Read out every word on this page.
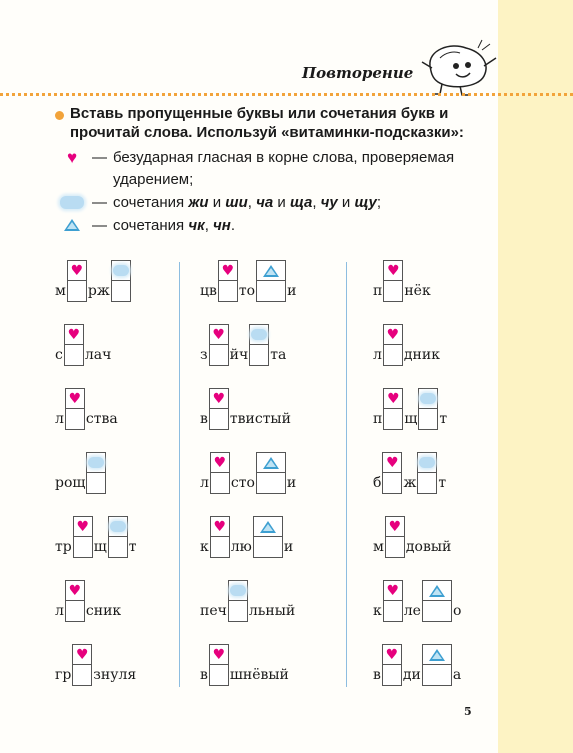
Повторение
Вставь пропущенные буквы или сочетания букв и прочитай слова. Используй «витаминки-подсказки»:
♥ — безударная гласная в корне слова, проверяемая ударением;
— сочетания жи и ши, ча и ща, чу и щу;
— сочетания чк, чн.
м
♥
рж
с
♥
лач
л
♥
ства
рощ
тр
♥
щ т
л
♥
сник
гр
♥
знуля
цв
♥
то и
з
♥
йч та
в
♥
твистый
л
♥
сто и
к
♥
лю и
печ льный
в
♥
шнёвый
п
♥
нёк
л
♥
дник
п
♥
щ т
б
♥
ж т
м
♥
довый
к
♥
ле о
в
♥
ди а
5
